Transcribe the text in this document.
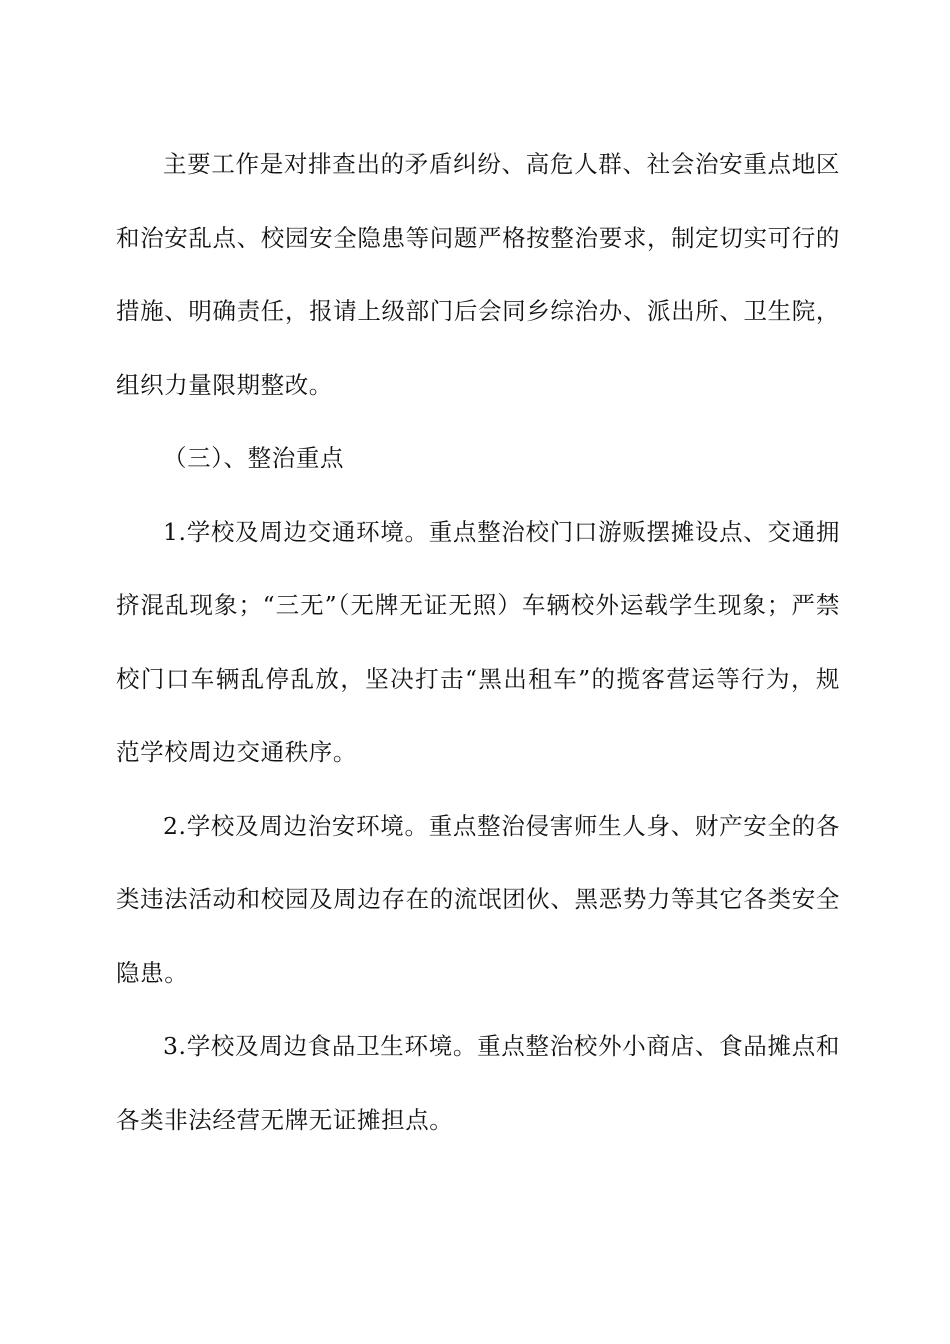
主要工作是对排查出的矛盾纠纷、高危人群、社会治安重点地区和治安乱点、校园安全隐患等问题严格按整治要求，制定切实可行的措施、明确责任，报请上级部门后会同乡综治办、派出所、卫生院，组织力量限期整改。

（三）、整治重点

1.学校及周边交通环境。重点整治校门口游贩摆摊设点、交通拥挤混乱现象；“三无”（无牌无证无照）车辆校外运载学生现象；严禁校门口车辆乱停乱放，坚决打击“黑出租车”的揽客营运等行为，规范学校周边交通秩序。

2.学校及周边治安环境。重点整治侵害师生人身、财产安全的各类违法活动和校园及周边存在的流氓团伙、黑恶势力等其它各类安全隐患。

3.学校及周边食品卫生环境。重点整治校外小商店、食品摊点和各类非法经营无牌无证摊担点。
